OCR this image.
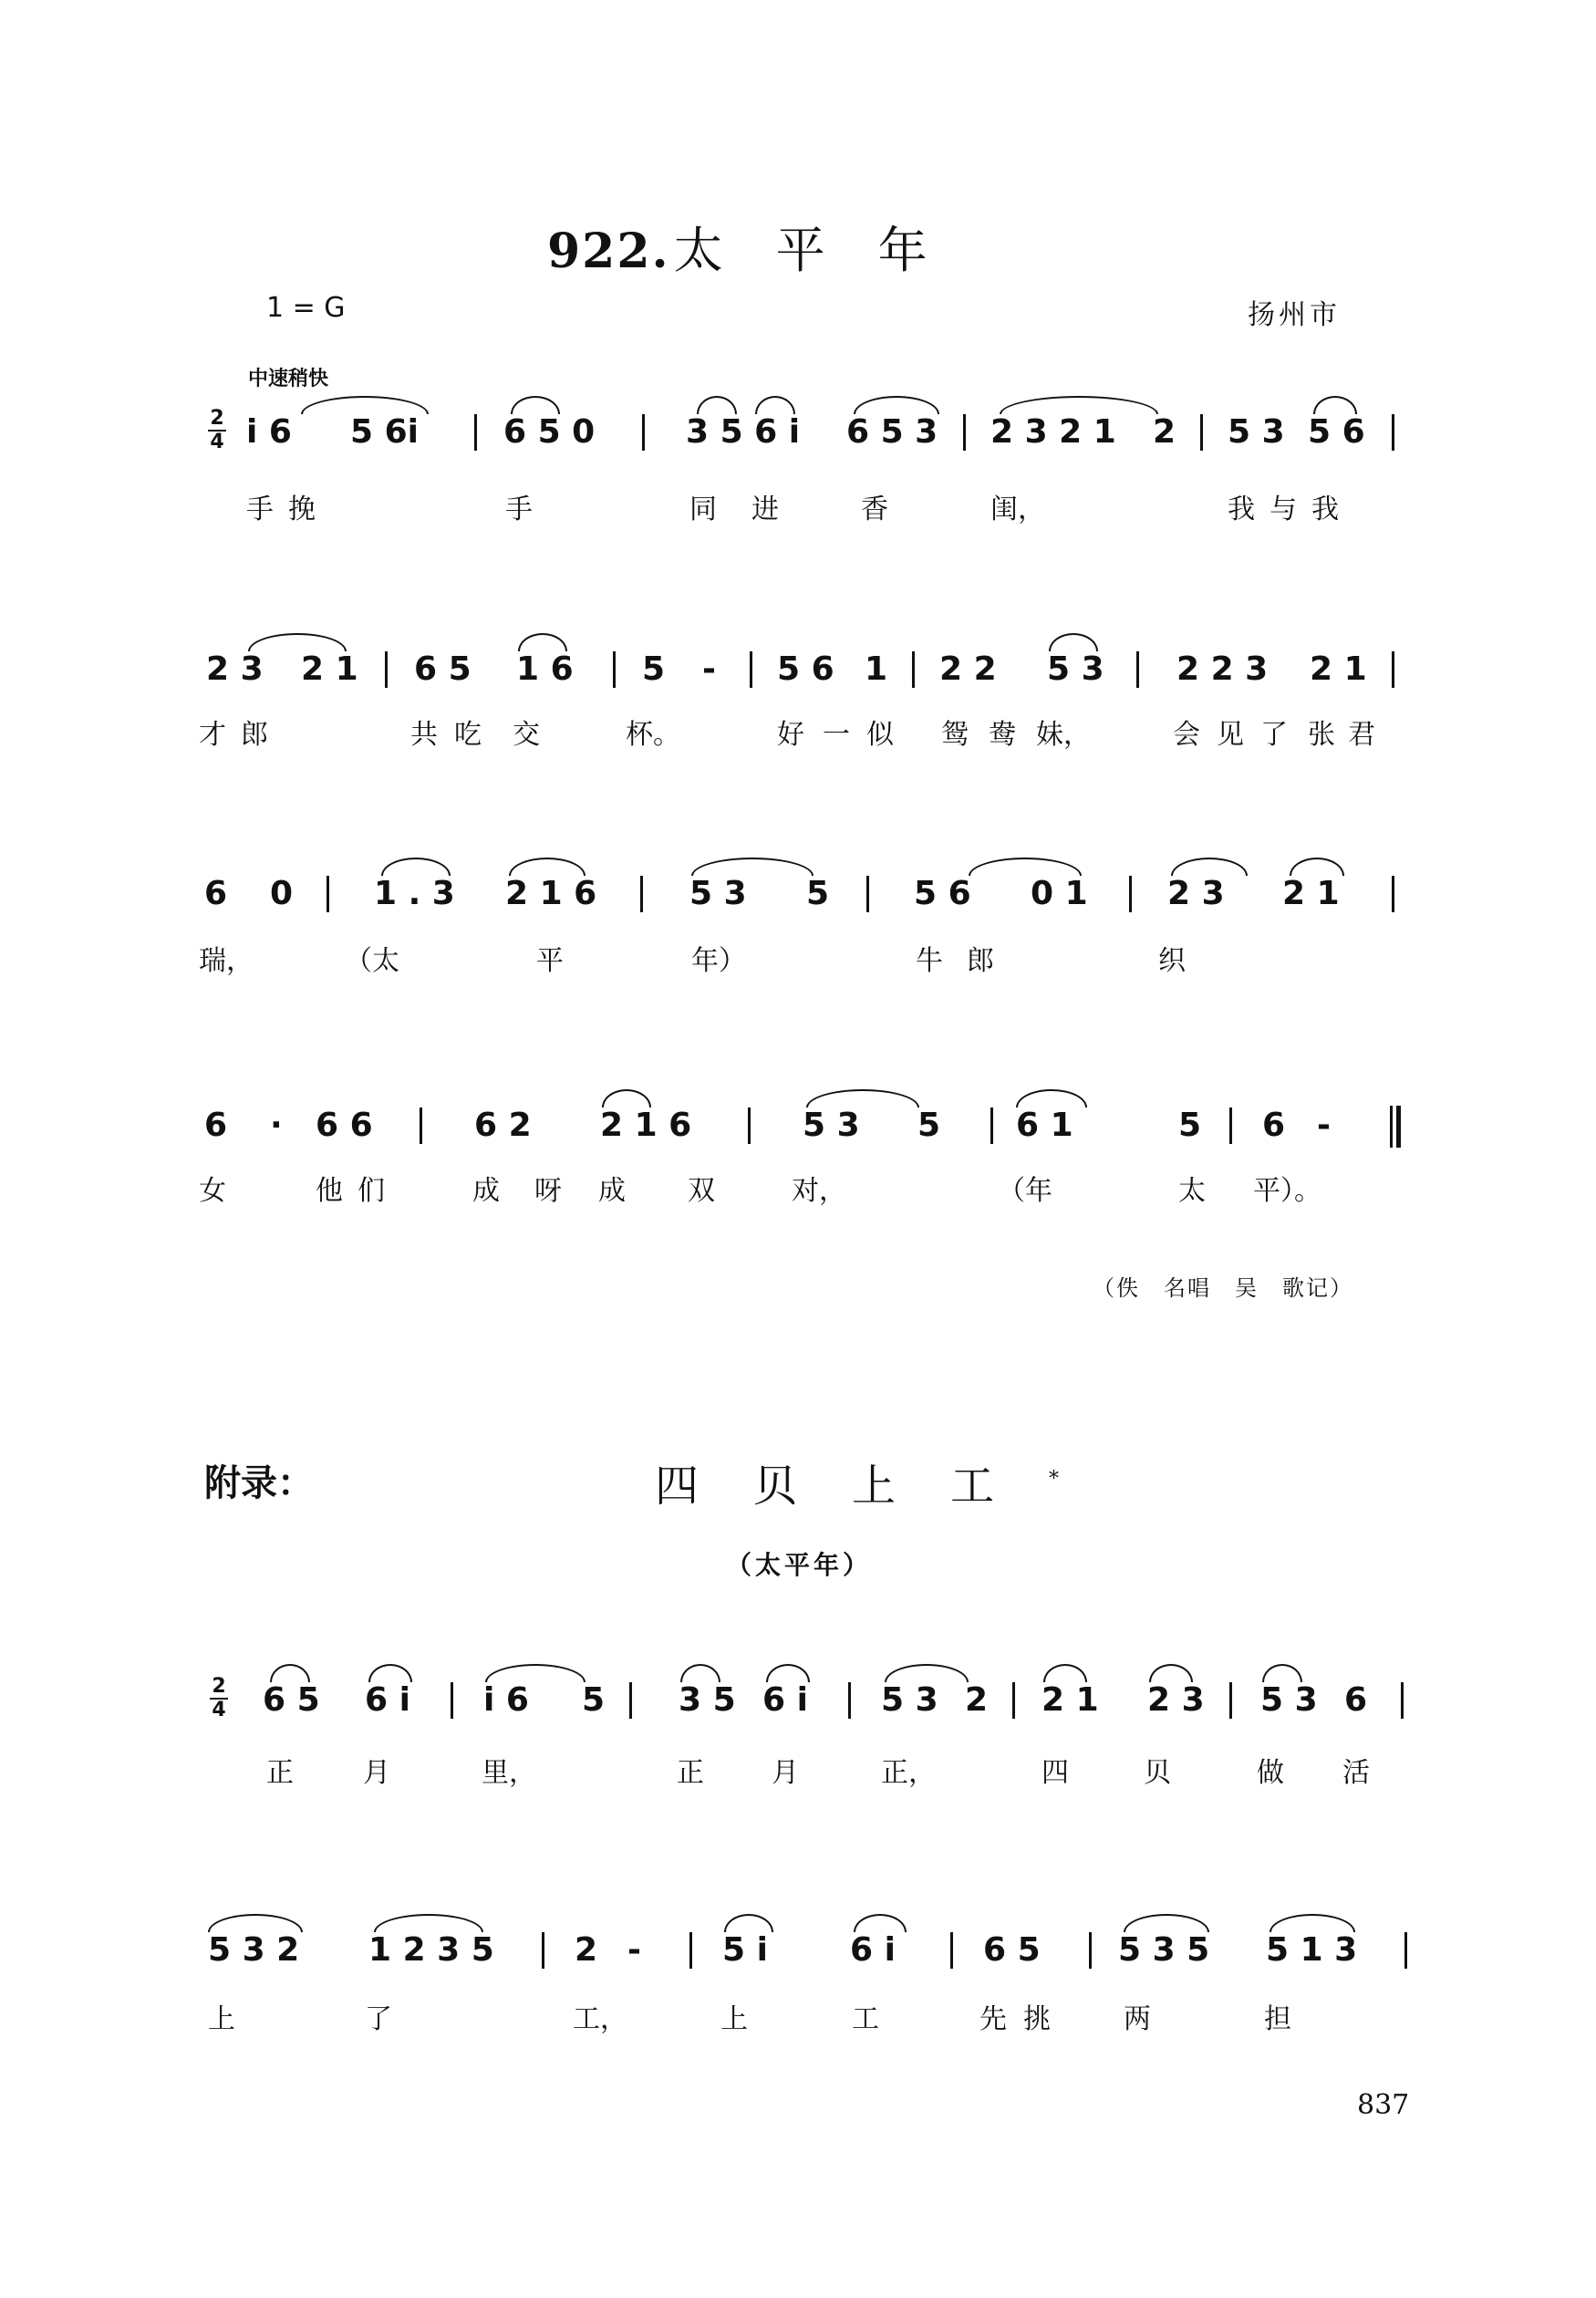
922.太　平　年
1 = G	扬州市
中速稍快
2
4 i 6 5 6i	6 5 0	3 5 6 i 6 5 3 2 3 2 1 2 5 3 5 6
手 挽	手	同 进	香	闺，	我 与 我
2 3 2 1 6 5 1 6 5 - 5 6 1 2 2 5 3 2 2 3 2 1
才 郎	共 吃 交	杯。	好 一 似 鸳 鸯 妹，	会 见 了 张 君
6 0 1 . 3 2 1 6	5 3 5	5 6 0 1 2 3 2 1
瑞，	（太	平	年）	牛 郎	织
6 · 6 6	6 2 2 1 6	5 3 5 6 1	5 6 -
女	他 们	成 呀 成 双	对，	（年	太 平）。
（佚　名唱　吴　歌记）
附录：	四贝上工*
（太平年）
2
4 6 5 6 i i 6 5 3 5 6 i 5 3 2 2 1 2 3 5 3 6
正	月	里，	正 月	正，	四	贝	做 活
5 3 2 1 2 3 5 2 - 5 i	6 i	6 5 5 3 5 5 1 3
上	了	工，	上	工	先 挑	两	担
837
